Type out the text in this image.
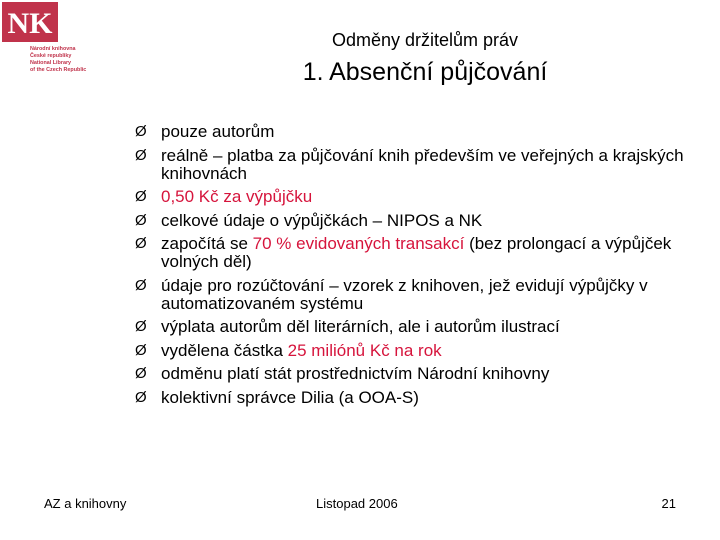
NK
Národní knihovna
České republiky
National Library
of the Czech Republic
Odměny držitelům práv
1. Absenční půjčování
Ø pouze autorům
Ø reálně – platba za půjčování knih především ve veřejných a krajských knihovnách
Ø 0,50 Kč za výpůjčku
Ø celkové údaje o výpůjčkách – NIPOS a NK
Ø započítá se 70 % evidovaných transakcí (bez prolongací a výpůjček volných děl)
Ø údaje pro rozúčtování – vzorek z knihoven, jež evidují výpůjčky v automatizovaném systému
Ø výplata autorům děl literárních, ale i autorům ilustrací
Ø vydělena částka 25 miliónů Kč na rok
Ø odměnu platí stát prostřednictvím Národní knihovny
Ø kolektivní správce Dilia (a OOA-S)
AZ a knihovny	Listopad 2006	21
